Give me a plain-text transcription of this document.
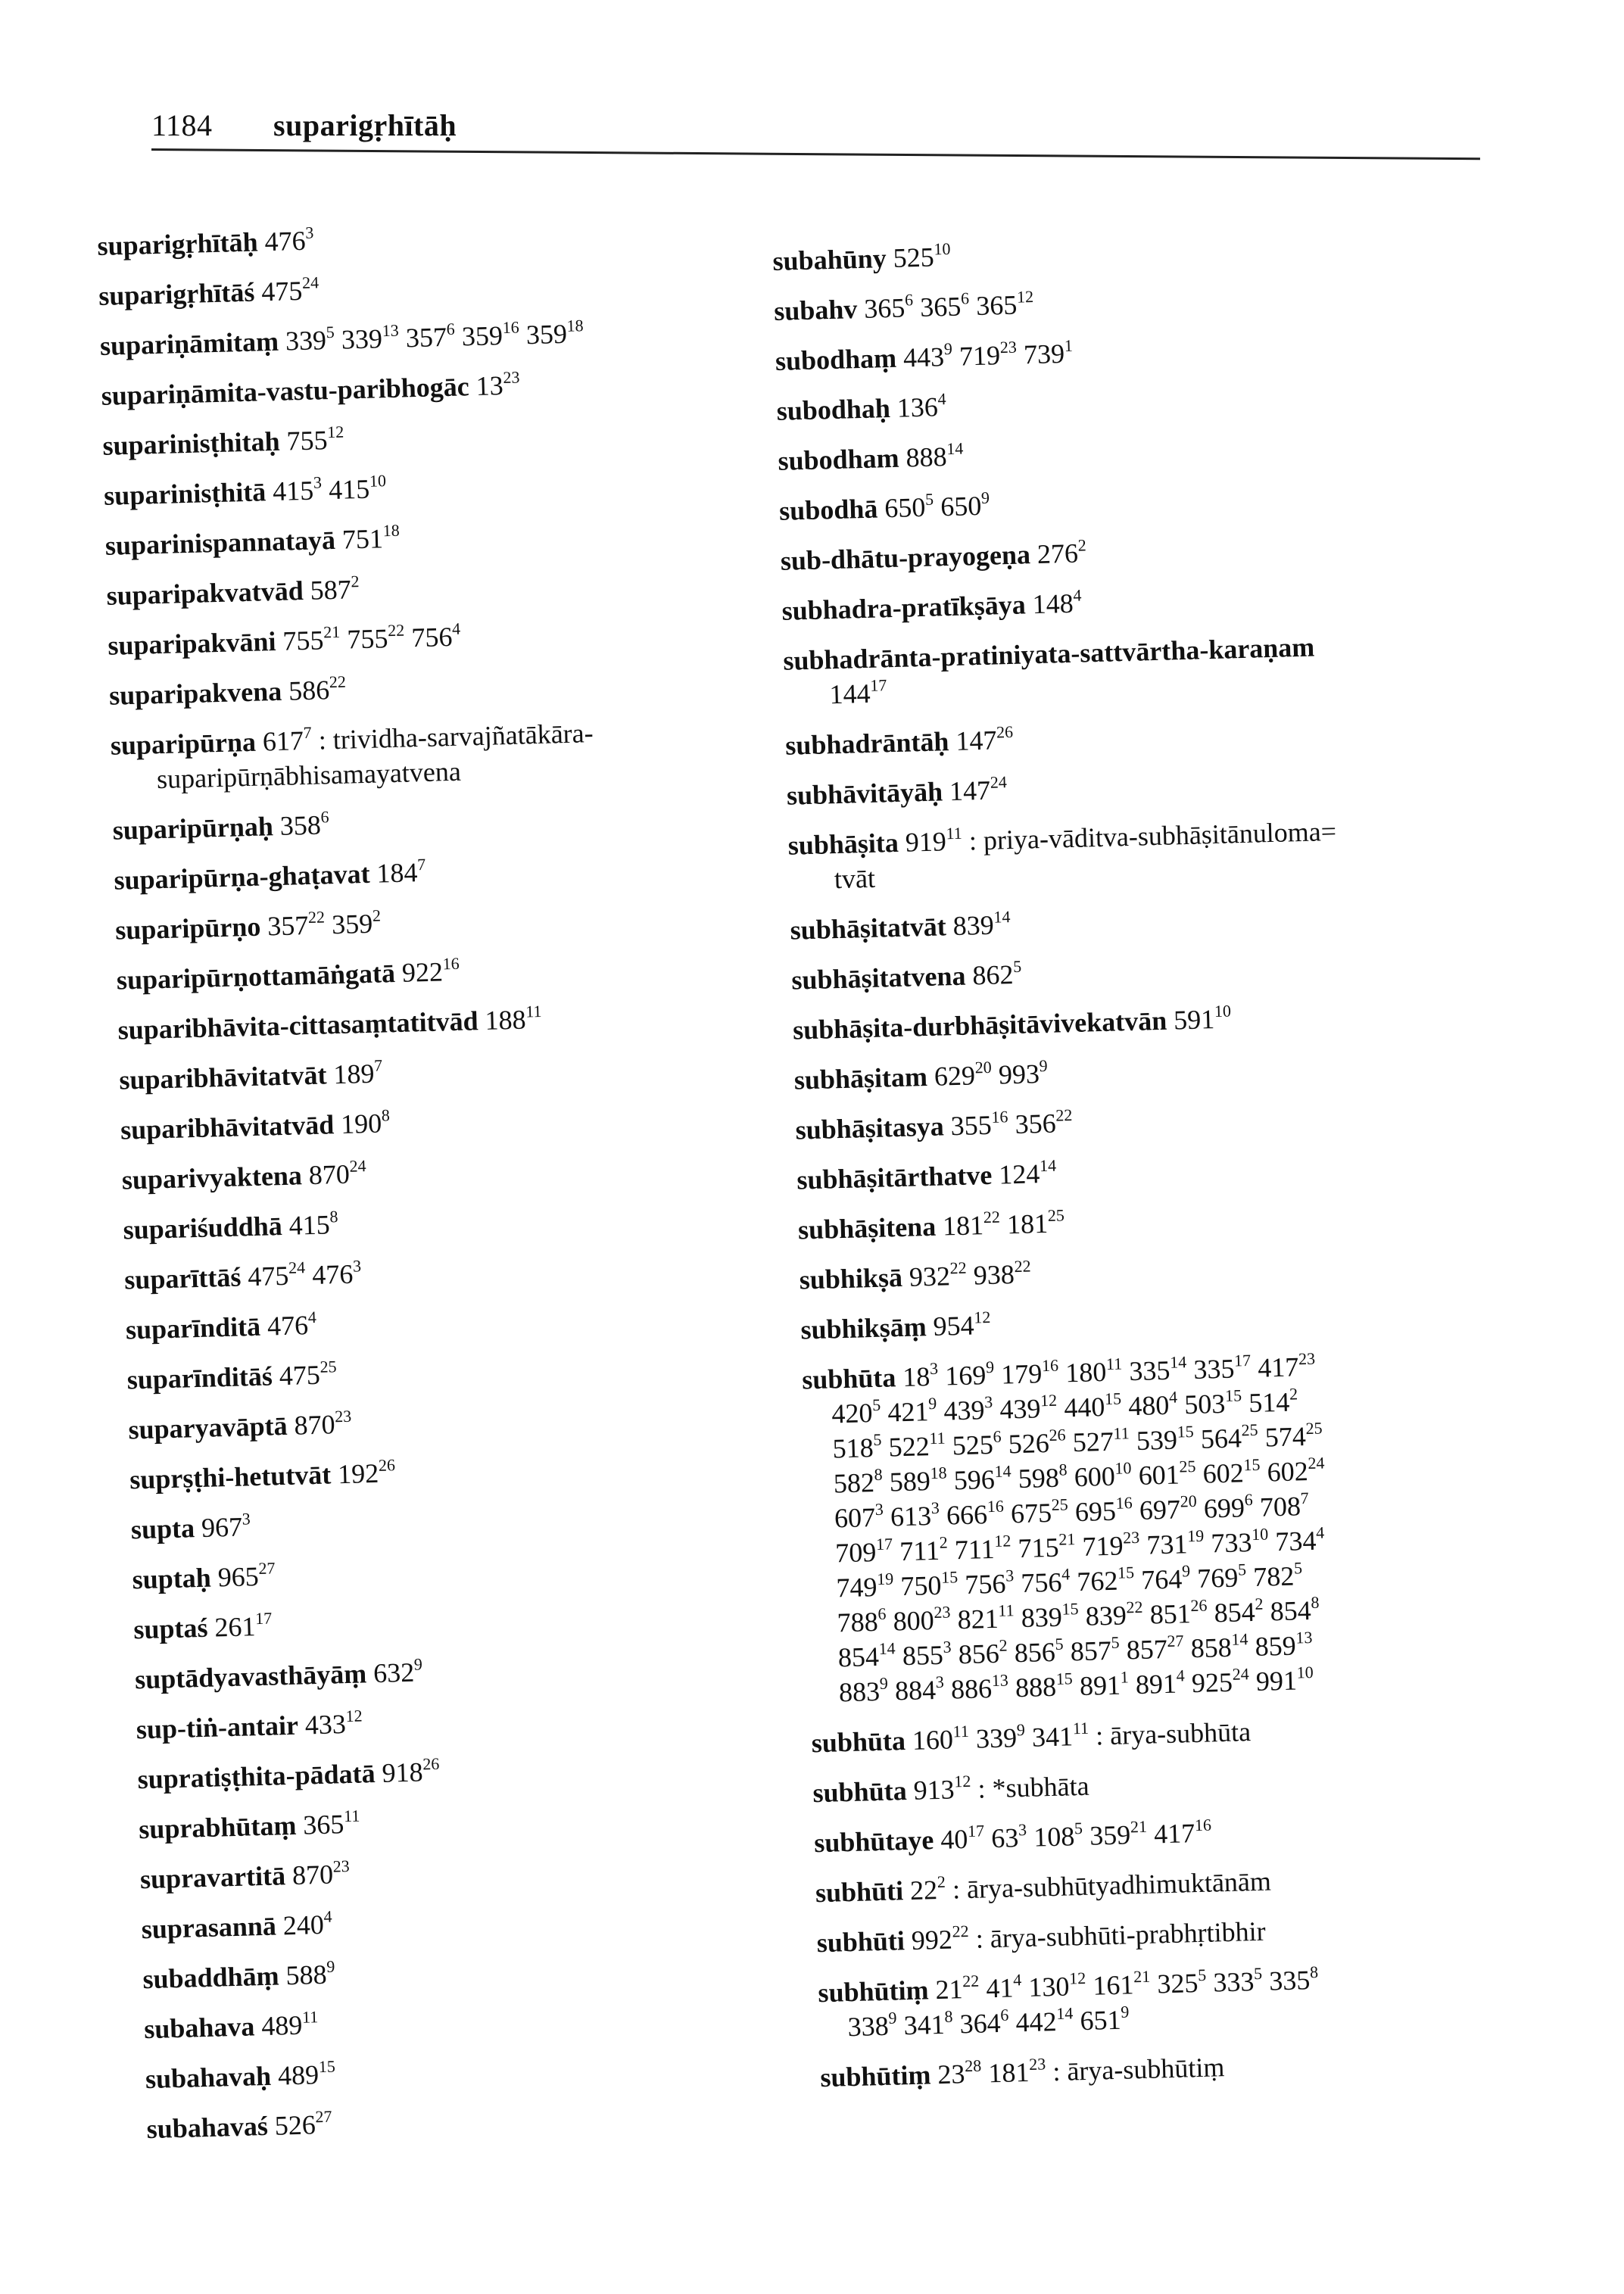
1184 suparigṛhītāḥ
suparigṛhītāḥ $476^3$
suparigṛhītāś $475^{24}$
supariṇāmitaṃ $339^5$ $339^{13}$ $357^6$ $359^{16}$ $359^{18}$
supariṇāmita-vastu-paribhogāc $13^{23}$
suparinisṭhitaḥ $755^{12}$
suparinisṭhitā $415^3$ $415^{10}$
suparinispannatayā $751^{18}$
suparipakvatvād $587^2$
suparipakvāni $755^{21}$ $755^{22}$ $756^4$
suparipakvena $586^{22}$
suparipūrṇa $617^7$ : trividha-sarvajñatākāra-
suparipūrṇābhisamayatvena
suparipūrṇaḥ $358^6$
suparipūrṇa-ghaṭavat $184^7$
suparipūrṇo $357^{22}$ $359^2$
suparipūrṇottamāṅgatā $922^{16}$
suparibhāvita-cittasaṃtatitvād $188^{11}$
suparibhāvitatvāt $189^7$
suparibhāvitatvād $190^8$
suparivyaktena $870^{24}$
supariśuddhā $415^8$
suparīttāś $475^{24}$ $476^3$
suparīnditā $476^4$
suparīnditāś $475^{25}$
suparyavāptā $870^{23}$
suprṣṭhi-hetutvāt $192^{26}$
supta $967^3$
suptaḥ $965^{27}$
suptaś $261^{17}$
suptādyavasthāyāṃ $632^9$
sup-tiṅ-antair $433^{12}$
supratiṣṭhita-pādatā $918^{26}$
suprabhūtaṃ $365^{11}$
supravartitā $870^{23}$
suprasannā $240^4$
subaddhāṃ $588^9$
subahava $489^{11}$
subahavaḥ $489^{15}$
subahavaś $526^{27}$
subahūny $525^{10}$
subahv $365^6$ $365^6$ $365^{12}$
subodhaṃ $443^9$ $719^{23}$ $739^1$
subodhaḥ $136^4$
subodham $888^{14}$
subodhā $650^5$ $650^9$
sub-dhātu-prayogeṇa $276^2$
subhadra-pratīkṣāya $148^4$
subhadrānta-pratiniyata-sattvārtha-karaṇam
$144^{17}$
subhadrāntāḥ $147^{26}$
subhāvitāyāḥ $147^{24}$
subhāṣita $919^{11}$ : priya-vāditva-subhāṣitānuloma=
tvāt
subhāṣitatvāt $839^{14}$
subhāṣitatvena $862^5$
subhāṣita-durbhāṣitāvivekatvān $591^{10}$
subhāṣitam $629^{20}$ $993^9$
subhāṣitasya $355^{16}$ $356^{22}$
subhāṣitārthatve $124^{14}$
subhāṣitena $181^{22}$ $181^{25}$
subhikṣā $932^{22}$ $938^{22}$
subhikṣāṃ $954^{12}$
subhūta $18^3$ $169^9$ $179^{16}$ $180^{11}$ $335^{14}$ $335^{17}$ $417^{23}$
$420^5$ $421^9$ $439^3$ $439^{12}$ $440^{15}$ $480^4$ $503^{15}$ $514^2$
$518^5$ $522^{11}$ $525^6$ $526^{26}$ $527^{11}$ $539^{15}$ $564^{25}$ $574^{25}$
$582^8$ $589^{18}$ $596^{14}$ $598^8$ $600^{10}$ $601^{25}$ $602^{15}$ $602^{24}$
$607^3$ $613^3$ $666^{16}$ $675^{25}$ $695^{16}$ $697^{20}$ $699^6$ $708^7$
$709^{17}$ $711^2$ $711^{12}$ $715^{21}$ $719^{23}$ $731^{19}$ $733^{10}$ $734^4$
$749^{19}$ $750^{15}$ $756^3$ $756^4$ $762^{15}$ $764^9$ $769^5$ $782^5$
$788^6$ $800^{23}$ $821^{11}$ $839^{15}$ $839^{22}$ $851^{26}$ $854^2$ $854^8$
$854^{14}$ $855^3$ $856^2$ $856^5$ $857^5$ $857^{27}$ $858^{14}$ $859^{13}$
$883^9$ $884^3$ $886^{13}$ $888^{15}$ $891^1$ $891^4$ $925^{24}$ $991^{10}$
subhūta $160^{11}$ $339^9$ $341^{11}$ : ārya-subhūta
subhūta $913^{12}$ : *subhāta
subhūtaye $40^{17}$ $63^3$ $108^5$ $359^{21}$ $417^{16}$
subhūti $22^2$ : ārya-subhūtyadhimuktānām
subhūti $992^{22}$ : ārya-subhūti-prabhṛtibhir
subhūtiṃ $21^{22}$ $41^4$ $130^{12}$ $161^{21}$ $325^5$ $333^5$ $335^8$
$338^9$ $341^8$ $364^6$ $442^{14}$ $651^9$
subhūtiṃ $23^{28}$ $181^{23}$ : ārya-subhūtiṃ
